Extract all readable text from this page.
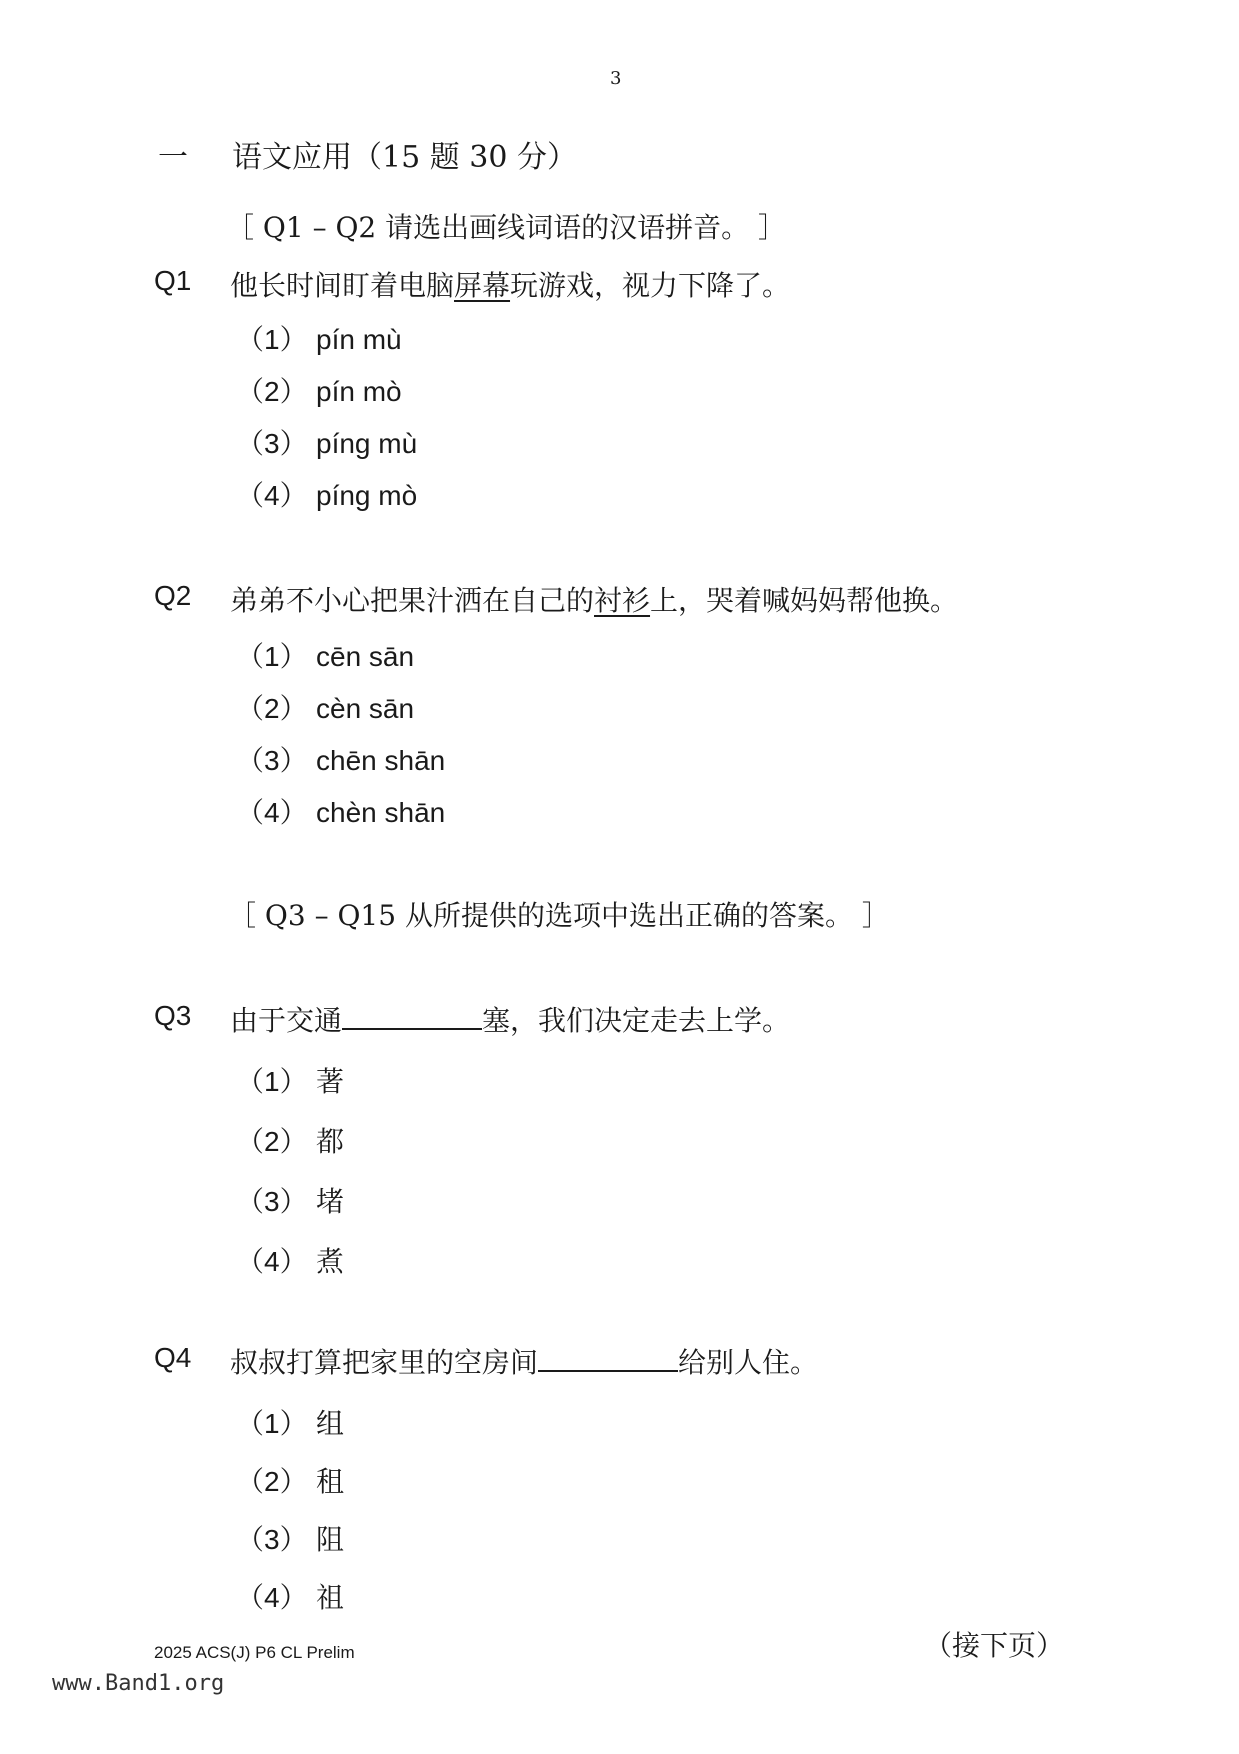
3
一 语文应用（15 题 30 分）
［ Q1 – Q2 请选出画线词语的汉语拼音。 ］
Q1 他长时间盯着电脑屏幕玩游戏，视力下降了。
（1） pín mù
（2） pín mò
（3） píng mù
（4） píng mò
Q2 弟弟不小心把果汁洒在自己的衬衫上，哭着喊妈妈帮他换。
（1） cēn sān
（2） cèn sān
（3） chēn shān
（4） chèn shān
［ Q3 – Q15 从所提供的选项中选出正确的答案。 ］
Q3 由于交通	塞，我们决定走去上学。
（1） 著
（2） 都
（3） 堵
（4） 煮
Q4 叔叔打算把家里的空房间	给别人住。
（1） 组
（2） 租
（3） 阻
（4） 祖
2025 ACS(J) P6 CL Prelim	（接下页）
www.Band1.org
